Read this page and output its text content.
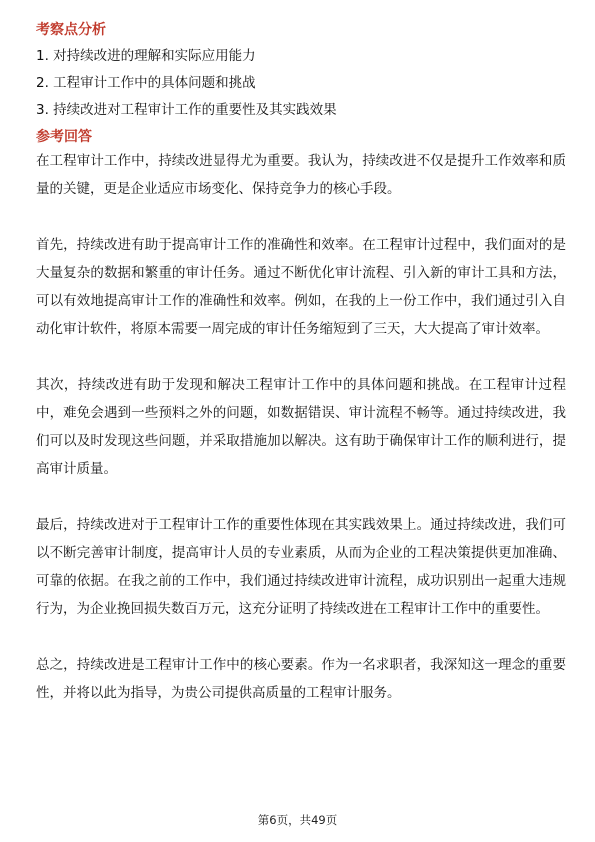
考察点分析
1. 对持续改进的理解和实际应用能力
2. 工程审计工作中的具体问题和挑战
3. 持续改进对工程审计工作的重要性及其实践效果
参考回答

在工程审计工作中，持续改进显得尤为重要。我认为，持续改进不仅是提升工作效率和质量的关键，更是企业适应市场变化、保持竞争力的核心手段。

首先，持续改进有助于提高审计工作的准确性和效率。在工程审计过程中，我们面对的是大量复杂的数据和繁重的审计任务。通过不断优化审计流程、引入新的审计工具和方法，可以有效地提高审计工作的准确性和效率。例如，在我的上一份工作中，我们通过引入自动化审计软件，将原本需要一周完成的审计任务缩短到了三天，大大提高了审计效率。

其次，持续改进有助于发现和解决工程审计工作中的具体问题和挑战。在工程审计过程中，难免会遇到一些预料之外的问题，如数据错误、审计流程不畅等。通过持续改进，我们可以及时发现这些问题，并采取措施加以解决。这有助于确保审计工作的顺利进行，提高审计质量。

最后，持续改进对于工程审计工作的重要性体现在其实践效果上。通过持续改进，我们可以不断完善审计制度，提高审计人员的专业素质，从而为企业的工程决策提供更加准确、可靠的依据。在我之前的工作中，我们通过持续改进审计流程，成功识别出一起重大违规行为，为企业挽回损失数百万元，这充分证明了持续改进在工程审计工作中的重要性。

总之，持续改进是工程审计工作中的核心要素。作为一名求职者，我深知这一理念的重要性，并将以此为指导，为贵公司提供高质量的工程审计服务。

第6页，共49页
